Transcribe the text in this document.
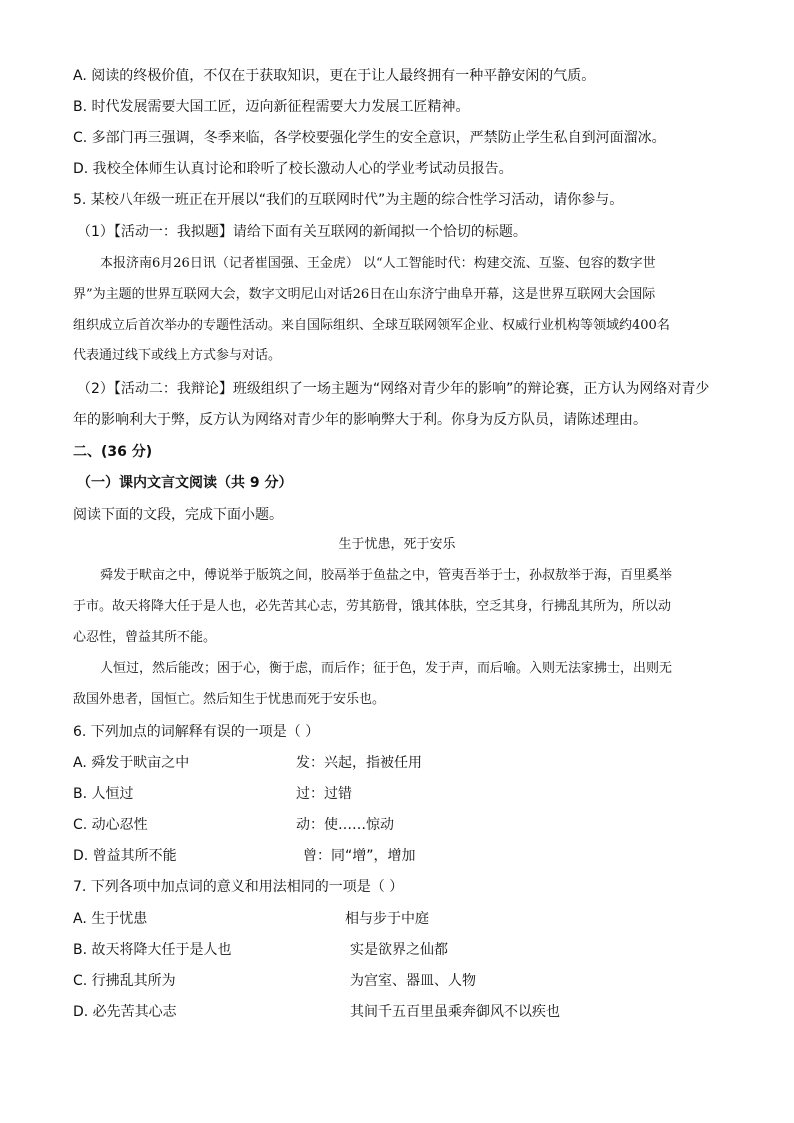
A. 阅读的终极价值，不仅在于获取知识，更在于让人最终拥有一种平静安闲的气质。
B. 时代发展需要大国工匠，迈向新征程需要大力发展工匠精神。
C. 多部门再三强调，冬季来临，各学校要强化学生的安全意识，严禁防止学生私自到河面溜冰。
D. 我校全体师生认真讨论和聆听了校长激动人心的学业考试动员报告。
5. 某校八年级一班正在开展以“我们的互联网时代”为主题的综合性学习活动，请你参与。
（1）【活动一：我拟题】请给下面有关互联网的新闻拟一个恰切的标题。
本报济南6月26日讯（记者崔国强、王金虎） 以“人工智能时代：构建交流、互鉴、包容的数字世
界”为主题的世界互联网大会，数字文明尼山对话26日在山东济宁曲阜开幕，这是世界互联网大会国际
组织成立后首次举办的专题性活动。来自国际组织、全球互联网领军企业、权威行业机构等领域约400名
代表通过线下或线上方式参与对话。
（2）【活动二：我辩论】班级组织了一场主题为“网络对青少年的影响”的辩论赛，正方认为网络对青少
年的影响利大于弊，反方认为网络对青少年的影响弊大于利。你身为反方队员，请陈述理由。
二、(36 分)
（一）课内文言文阅读（共 9 分）
阅读下面的文段，完成下面小题。
生于忧患，死于安乐
舜发于畎亩之中，傅说举于版筑之间，胶鬲举于鱼盐之中，管夷吾举于士，孙叔敖举于海，百里奚举
于市。故天将降大任于是人也，必先苦其心志，劳其筋骨，饿其体肤，空乏其身，行拂乱其所为，所以动
心忍性，曾益其所不能。
人恒过，然后能改；困于心，衡于虑，而后作；征于色，发于声，而后喻。入则无法家拂士，出则无
敌国外患者，国恒亡。然后知生于忧患而死于安乐也。
6. 下列加点的词解释有误的一项是（ ）
A. 舜发于畎亩之中	发：兴起，指被任用
B. 人恒过	过：过错
C. 动心忍性	动：使……惊动
D. 曾益其所不能	曾：同“增”，增加
7. 下列各项中加点词的意义和用法相同的一项是（ ）
A. 生于忧患	相与步于中庭
B. 故天将降大任于是人也	实是欲界之仙都
C. 行拂乱其所为	为宫室、器皿、人物
D. 必先苦其心志	其间千五百里虽乘奔御风不以疾也
